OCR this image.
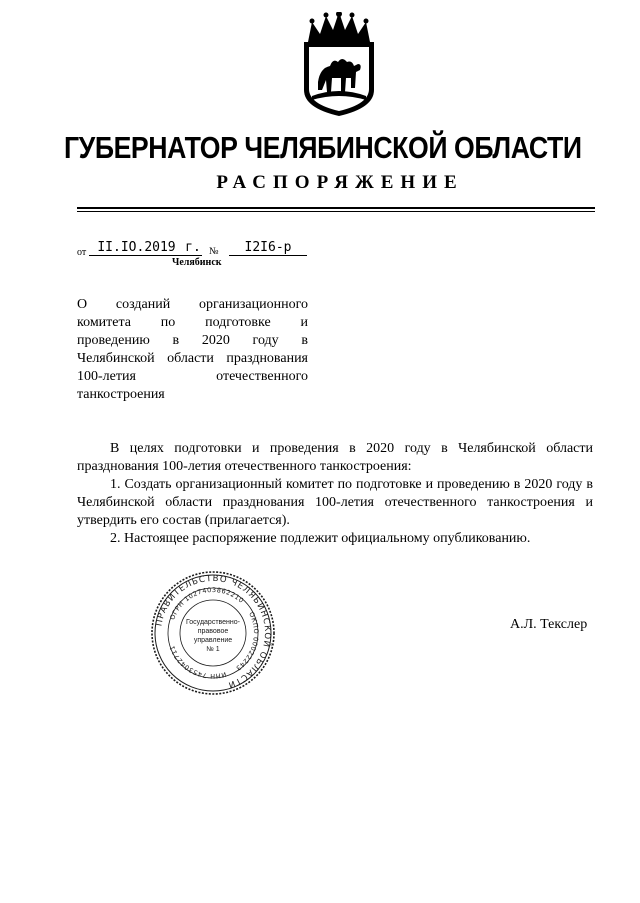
ГУБЕРНАТОР ЧЕЛЯБИНСКОЙ ОБЛАСТИ
РАСПОРЯЖЕНИЕ
от II.IO.2019 г. №	I2I6-р
Челябинск
О созданий организационного
комитета по подготовке и
проведению в 2020 году в
Челябинской области празднования
100-летия отечественного
танкостроения

В целях подготовки и проведения в 2020 году в Челябинской области празднования 100-летия отечественного танкостроения:

1. Создать организационный комитет по подготовке и проведению в 2020 году в Челябинской области празднования 100-летия отечественного танкостроения и утвердить его состав (прилагается).

2. Настоящее распоряжение подлежит официальному опубликованию.

ПРАВИТЕЛЬСТВО ЧЕЛЯБИНСКОЙ ОБЛАСТИ
ОГРН 1027403862210
ОКПО 00022243
ИНН 7453042711
Государственно-
правовое
управление
№ 1
А.Л. Текслер
